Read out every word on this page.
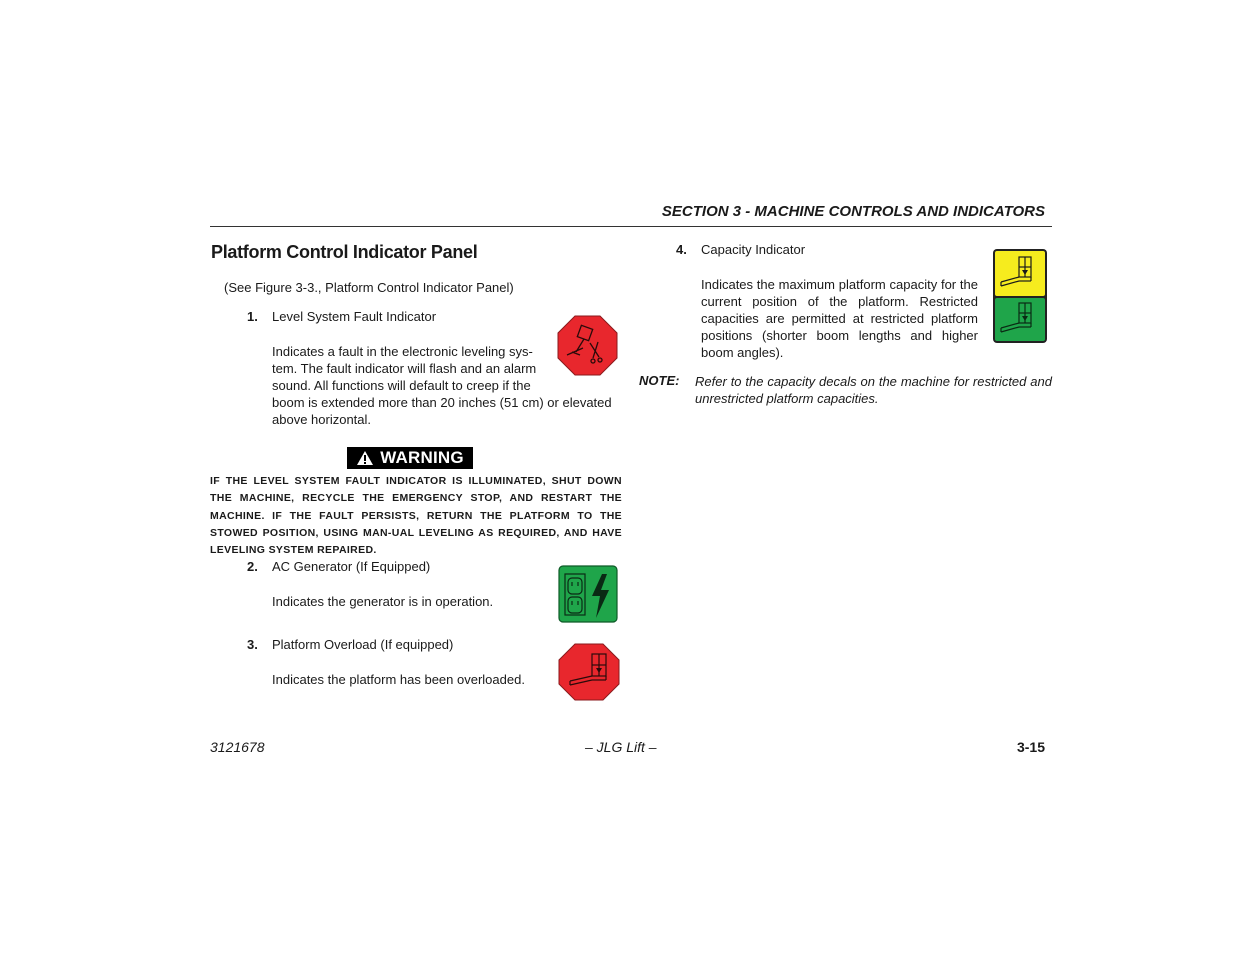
SECTION 3 - MACHINE CONTROLS AND INDICATORS
Platform Control Indicator Panel
(See Figure 3-3., Platform Control Indicator Panel)
1. Level System Fault Indicator
Indicates a fault in the electronic leveling sys-
tem. The fault indicator will flash and an alarm
sound. All functions will default to creep if the
boom is extended more than 20 inches (51 cm) or elevated
above horizontal.
WARNING
IF THE LEVEL SYSTEM FAULT INDICATOR IS ILLUMINATED, SHUT DOWN THE MACHINE, RECYCLE THE EMERGENCY STOP, AND RESTART THE MACHINE. IF THE FAULT PERSISTS, RETURN THE PLATFORM TO THE STOWED POSITION, USING MAN-UAL LEVELING AS REQUIRED, AND HAVE LEVELING SYSTEM REPAIRED.
2. AC Generator (If Equipped)
Indicates the generator is in operation.
3. Platform Overload (If equipped)
Indicates the platform has been overloaded.
4. Capacity Indicator
Indicates the maximum platform capacity for the current position of the platform. Restricted capacities are permitted at restricted platform positions (shorter boom lengths and higher boom angles).
NOTE: Refer to the capacity decals on the machine for restricted and unrestricted platform capacities.
3121678	– JLG Lift –	3-15
